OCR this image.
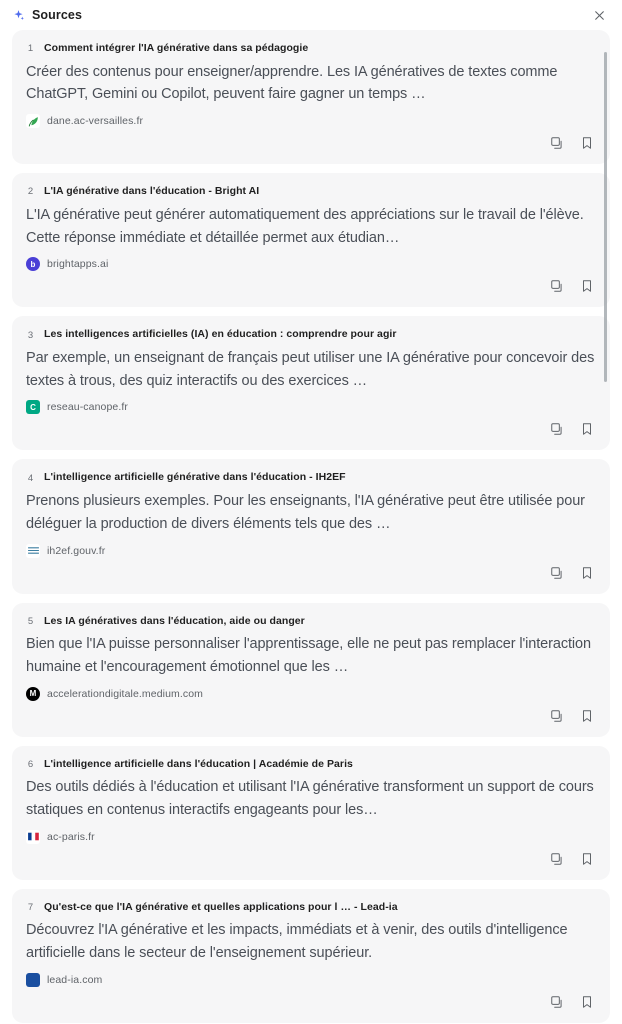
Sources
1 Comment intégrer l'IA générative dans sa pédagogie
Créer des contenus pour enseigner/apprendre. Les IA génératives de textes comme ChatGPT, Gemini ou Copilot, peuvent faire gagner un temps …
dane.ac-versailles.fr
2 L'IA générative dans l'éducation - Bright AI
L'IA générative peut générer automatiquement des appréciations sur le travail de l'élève. Cette réponse immédiate et détaillée permet aux étudian…
b	brightapps.ai
3 Les intelligences artificielles (IA) en éducation : comprendre pour agir
Par exemple, un enseignant de français peut utiliser une IA générative pour concevoir des textes à trous, des quiz interactifs ou des exercices …
C	reseau-canope.fr
4 L'intelligence artificielle générative dans l'éducation - IH2EF
Prenons plusieurs exemples. Pour les enseignants, l'IA générative peut être utilisée pour déléguer la production de divers éléments tels que des …
ih2ef.gouv.fr
5 Les IA génératives dans l'éducation, aide ou danger
Bien que l'IA puisse personnaliser l'apprentissage, elle ne peut pas remplacer l'interaction humaine et l'encouragement émotionnel que les …
M	accelerationdigitale.medium.com
6 L'intelligence artificielle dans l'éducation | Académie de Paris
Des outils dédiés à l'éducation et utilisant l'IA générative transforment un support de cours statiques en contenus interactifs engageants pour les…
ac-paris.fr
7 Qu'est-ce que l'IA générative et quelles applications pour l … - Lead-ia
Découvrez l'IA générative et les impacts, immédiats et à venir, des outils d'intelligence artificielle dans le secteur de l'enseignement supérieur.
lead-ia.com
